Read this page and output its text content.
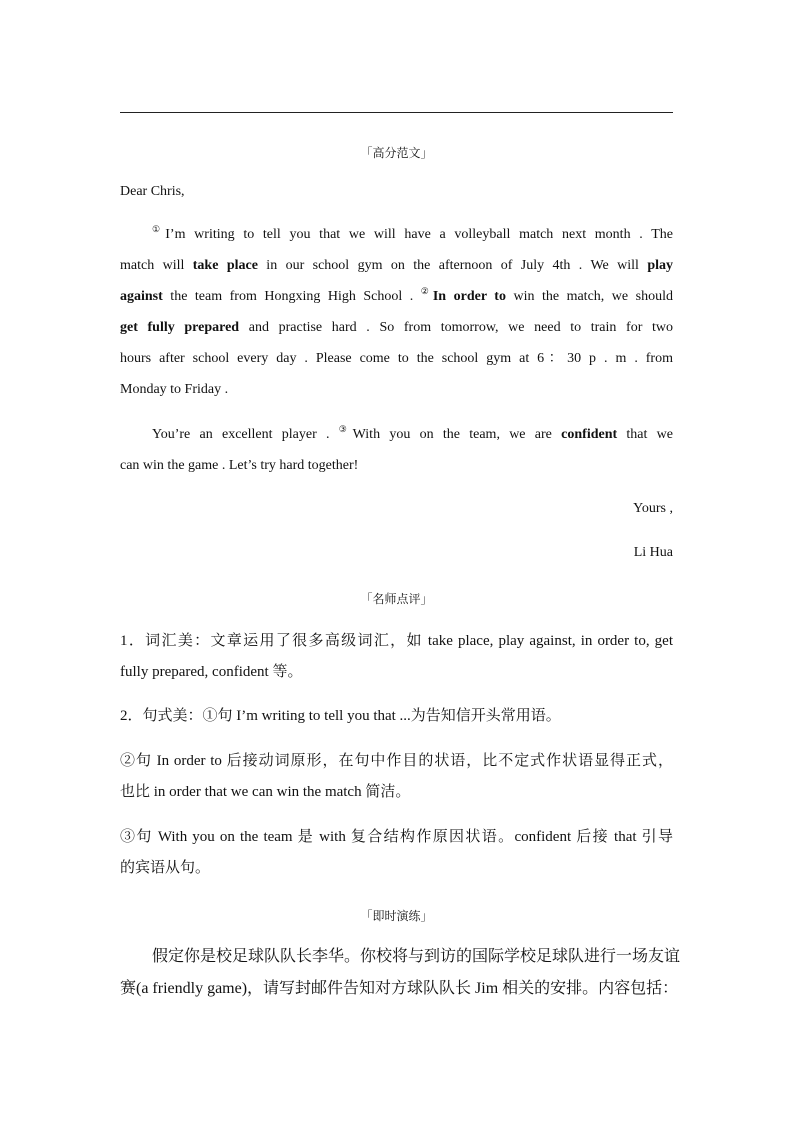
「高分范文」
Dear Chris,
①I’m writing to tell you that we will have a volleyball match next month . The
match will take place in our school gym on the afternoon of July 4th . We will play
against the team from Hongxing High School . ②In order to win the match, we should
get fully prepared and practise hard . So from tomorrow, we need to train for two
hours after school every day . Please come to the school gym at 6：30 p . m . from
Monday to Friday .
You’re an excellent player . ③With you on the team, we are confident that we
can win the game . Let’s try hard together!
Yours ,
Li Hua
「名师点评」
1．词汇美：文章运用了很多高级词汇，如 take place, play against, in order to, get
fully prepared, confident 等。
2．句式美：①句 I’m writing to tell you that ...为告知信开头常用语。
②句 In order to 后接动词原形，在句中作目的状语，比不定式作状语显得正式，
也比 in order that we can win the match 简洁。
③句 With you on the team 是 with 复合结构作原因状语。confident 后接 that 引导
的宾语从句。
「即时演练」
假定你是校足球队队长李华。你校将与到访的国际学校足球队进行一场友谊
赛(a friendly game)，请写封邮件告知对方球队队长 Jim 相关的安排。内容包括：
